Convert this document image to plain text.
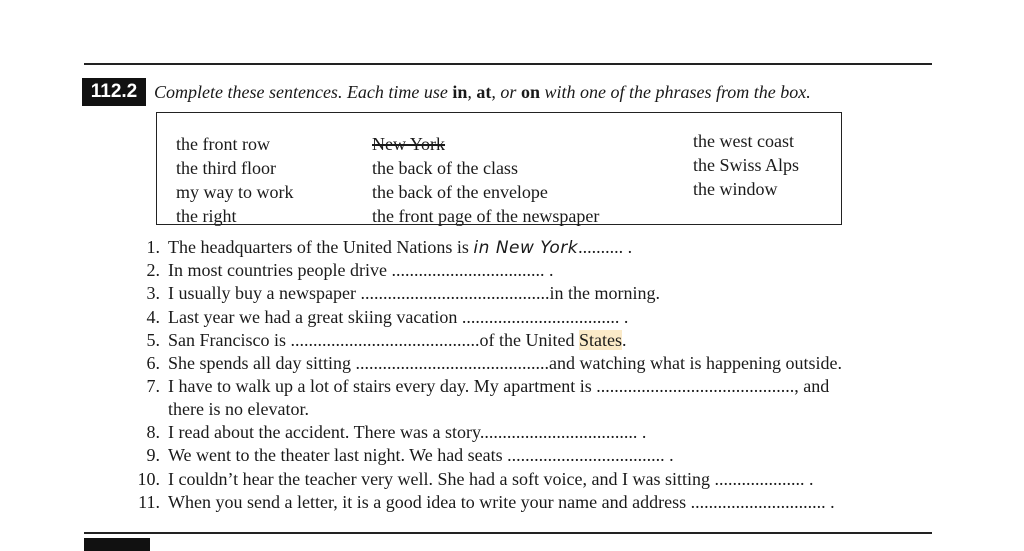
112.2 Complete these sentences. Each time use in, at, or on with one of the phrases from the box.
the front row
the third floor
my way to work
the right
New York
the back of the class
the back of the envelope
the front page of the newspaper
the west coast
the Swiss Alps
the window
1. The headquarters of the United Nations is in New York.......... .
2. In most countries people drive .................................. .
3. I usually buy a newspaper ..........................................in the morning.
4. Last year we had a great skiing vacation ................................... .
5. San Francisco is ..........................................of the United States.
6. She spends all day sitting ...........................................and watching what is happening outside.
7. I have to walk up a lot of stairs every day. My apartment is ............................................, and
there is no elevator.
8. I read about the accident. There was a story................................... .
9. We went to the theater last night. We had seats ................................... .
10. I couldn’t hear the teacher very well. She had a soft voice, and I was sitting .................... .
11. When you send a letter, it is a good idea to write your name and address .............................. .
